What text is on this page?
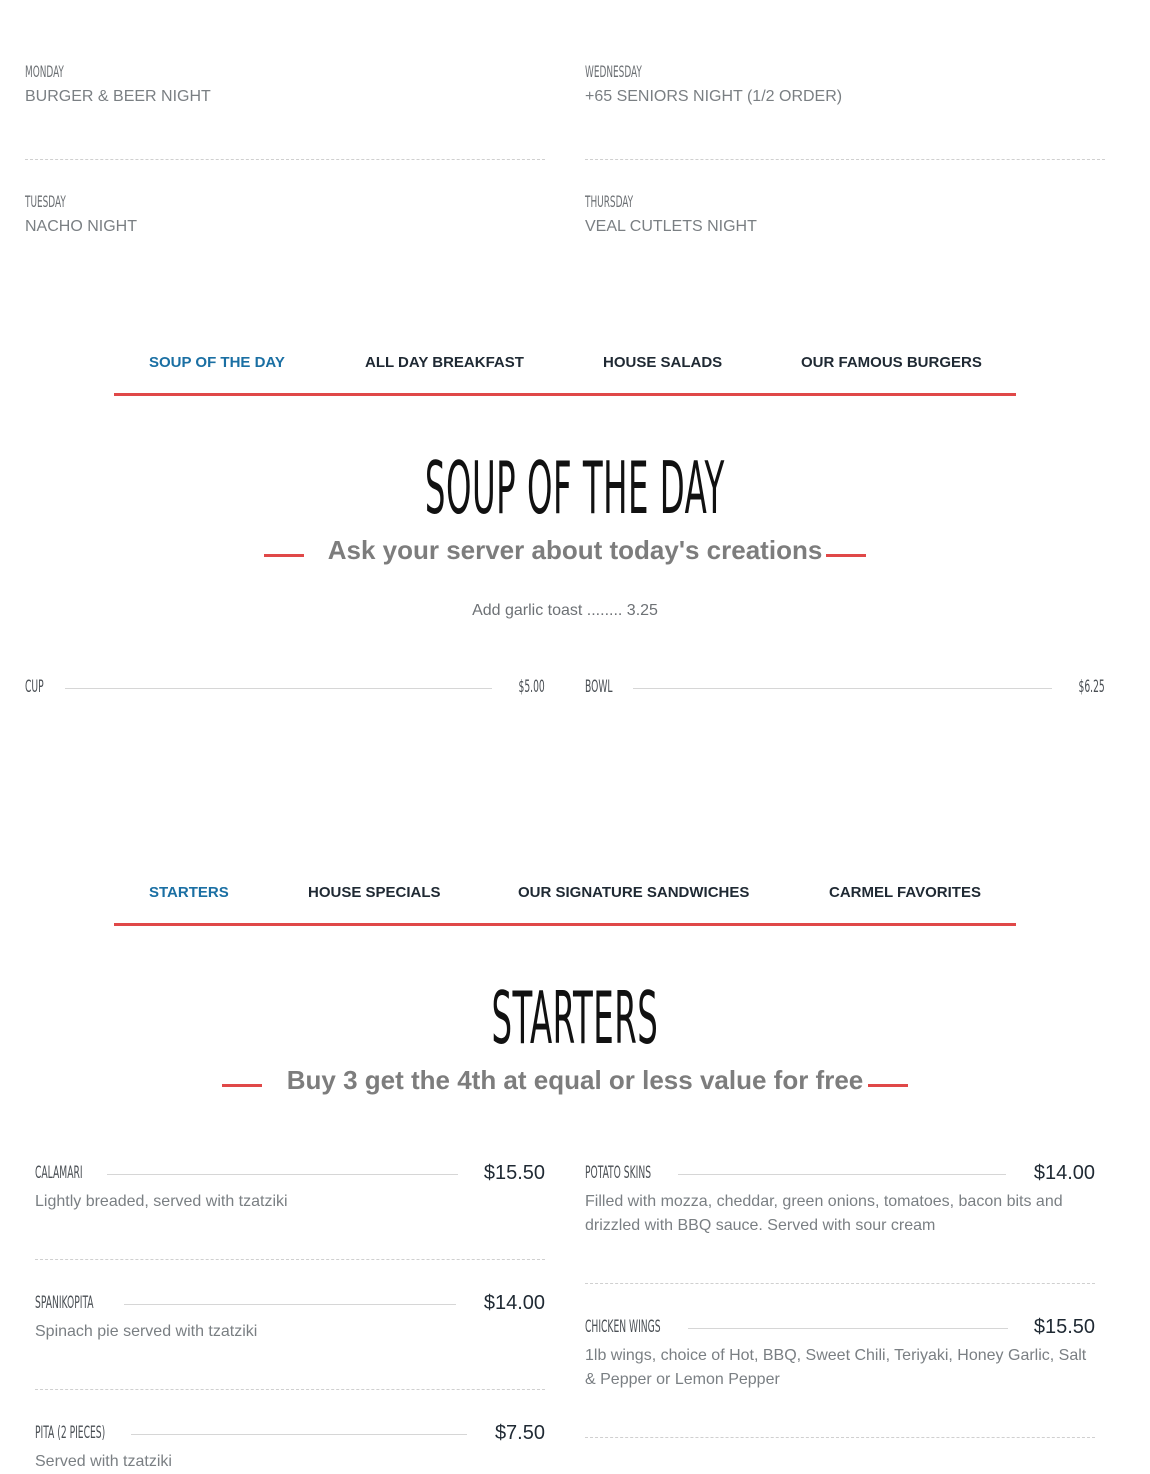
MONDAY
BURGER & BEER NIGHT
WEDNESDAY
+65 SENIORS NIGHT (1/2 ORDER)
TUESDAY
NACHO NIGHT
THURSDAY
VEAL CUTLETS NIGHT
SOUP OF THE DAY	ALL DAY BREAKFAST	HOUSE SALADS	OUR FAMOUS BURGERS
SOUP OF THE DAY
Ask your server about today's creations
Add garlic toast ........ 3.25
CUP	$5.00 BOWL	$6.25
STARTERS	HOUSE SPECIALS	OUR SIGNATURE SANDWICHES	CARMEL FAVORITES
STARTERS
Buy 3 get the 4th at equal or less value for free
CALAMARI	$15.50
Lightly breaded, served with tzatziki
SPANIKOPITA	$14.00
Spinach pie served with tzatziki
PITA (2 PIECES)	$7.50
Served with tzatziki
POTATO SKINS	$14.00
Filled with mozza, cheddar, green onions, tomatoes, bacon bits and drizzled with BBQ sauce. Served with sour cream
CHICKEN WINGS	$15.50
1lb wings, choice of Hot, BBQ, Sweet Chili, Teriyaki, Honey Garlic, Salt & Pepper or Lemon Pepper
